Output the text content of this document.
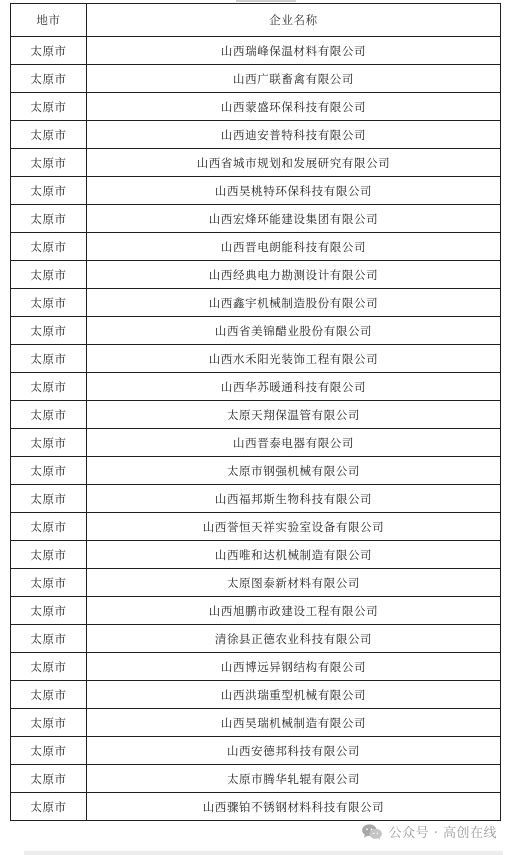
地市	企业名称
太原市	山西瑞峰保温材料有限公司
太原市	山西广联畜禽有限公司
太原市	山西蒙盛环保科技有限公司
太原市	山西迪安普特科技有限公司
太原市	山西省城市规划和发展研究有限公司
太原市	山西昊桃特环保科技有限公司
太原市	山西宏烽环能建设集团有限公司
太原市	山西晋电朗能科技有限公司
太原市	山西经典电力勘测设计有限公司
太原市	山西鑫宇机械制造股份有限公司
太原市	山西省美锦醋业股份有限公司
太原市	山西水禾阳光装饰工程有限公司
太原市	山西华苏暖通科技有限公司
太原市	太原天翔保温管有限公司
太原市	山西晋泰电器有限公司
太原市	太原市钢强机械有限公司
太原市	山西福邦斯生物科技有限公司
太原市	山西誉恒天祥实验室设备有限公司
太原市	山西唯和达机械制造有限公司
太原市	太原图泰新材料有限公司
太原市	山西旭鹏市政建设工程有限公司
太原市	清徐县正德农业科技有限公司
太原市	山西博远异钢结构有限公司
太原市	山西洪瑞重型机械有限公司
太原市	山西昊瑞机械制造有限公司
太原市	山西安德邦科技有限公司
太原市	太原市腾华轧辊有限公司
太原市	山西骤铂不锈钢材料科技有限公司
公众号 · 高创在线
